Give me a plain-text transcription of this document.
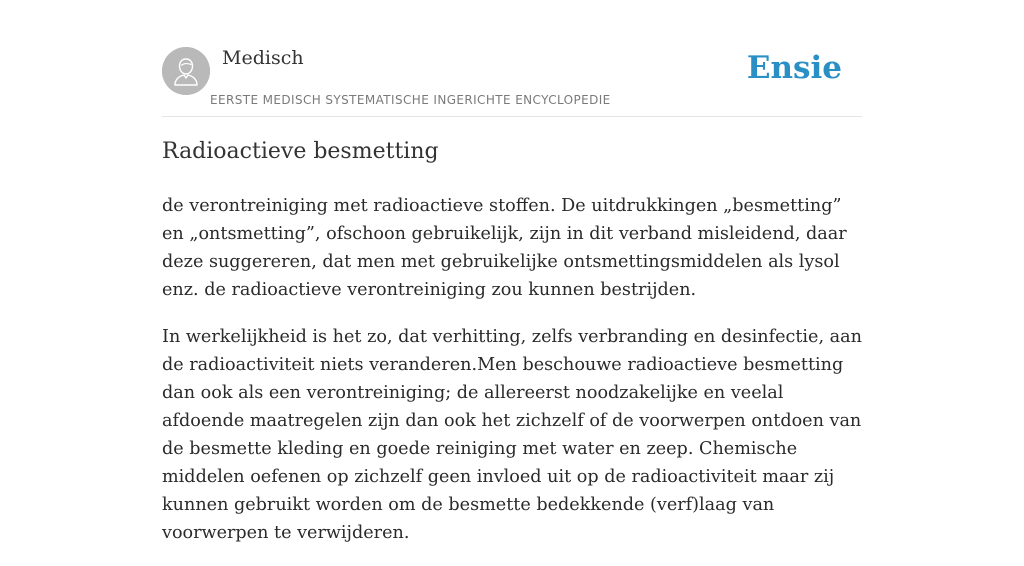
Medisch
EERSTE MEDISCH SYSTEMATISCHE INGERICHTE ENCYCLOPEDIE
Ensie
Radioactieve besmetting

de verontreiniging met radioactieve stoffen. De uitdrukkingen „besmetting” en „ontsmetting”, ofschoon gebruikelijk, zijn in dit verband misleidend, daar deze suggereren, dat men met gebruikelijke ontsmettingsmiddelen als lysol enz. de radioactieve verontreiniging zou kunnen bestrijden.

In werkelijkheid is het zo, dat verhitting, zelfs verbranding en desinfectie, aan de radioactiviteit niets veranderen.Men beschouwe radioactieve besmetting dan ook als een verontreiniging; de allereerst noodzakelijke en veelal afdoende maatregelen zijn dan ook het zichzelf of de voorwerpen ontdoen van de besmette kleding en goede reiniging met water en zeep. Chemische middelen oefenen op zichzelf geen invloed uit op de radioactiviteit maar zij kunnen gebruikt worden om de besmette bedekkende (verf)laag van voorwerpen te verwijderen.
